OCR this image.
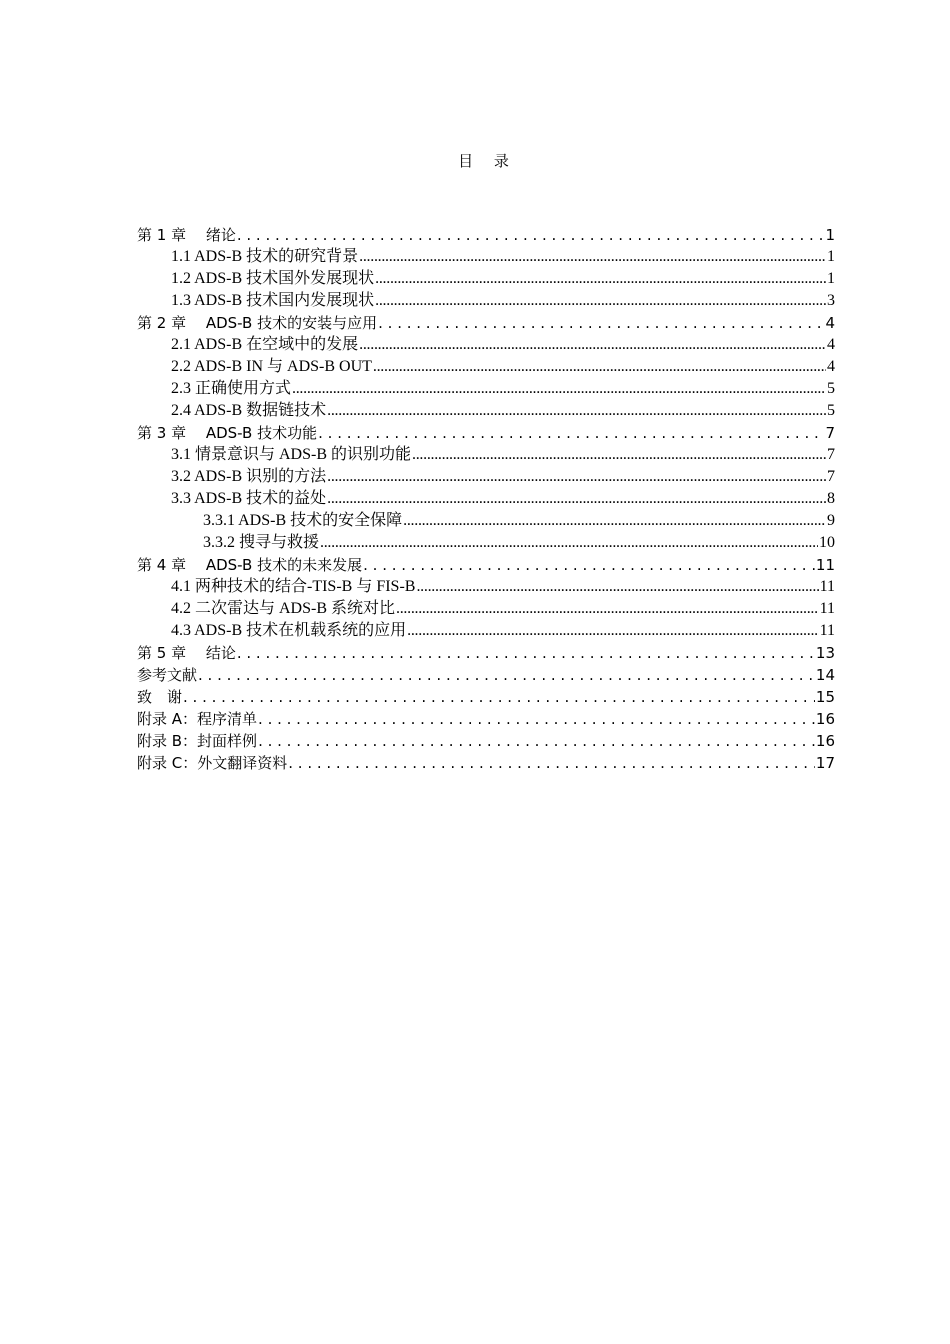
目 录
第 1 章　 绪论 . . .	1
1.1 ADS-B 技术的研究背景 .....	1
1.2 ADS-B 技术国外发展现状 .....	1
1.3 ADS-B 技术国内发展现状 .....	3
第 2 章　 ADS-B 技术的安装与应用 . . .	4
2.1 ADS-B 在空域中的发展 .....	4
2.2 ADS-B IN 与 ADS-B OUT .....	4
2.3 正确使用方式 .....	5
2.4 ADS-B 数据链技术 .....	5
第 3 章　 ADS-B 技术功能 . . .	7
3.1 情景意识与 ADS-B 的识别功能 .....	7
3.2 ADS-B 识别的方法 .....	7
3.3 ADS-B 技术的益处 .....	8
3.3.1 ADS-B 技术的安全保障 .....	9
3.3.2 搜寻与救援 .....	10
第 4 章　 ADS-B 技术的未来发展 . . .	11
4.1 两种技术的结合-TIS-B 与 FIS-B .....	11
4.2 二次雷达与 ADS-B 系统对比 .....	11
4.3 ADS-B 技术在机载系统的应用 .....	11
第 5 章　 结论 . . .	13
参考文献 . . .	14
致　谢 . . .	15
附录 A：程序清单 . . .	16
附录 B：封面样例 . . .	16
附录 C：外文翻译资料 . . .	17
